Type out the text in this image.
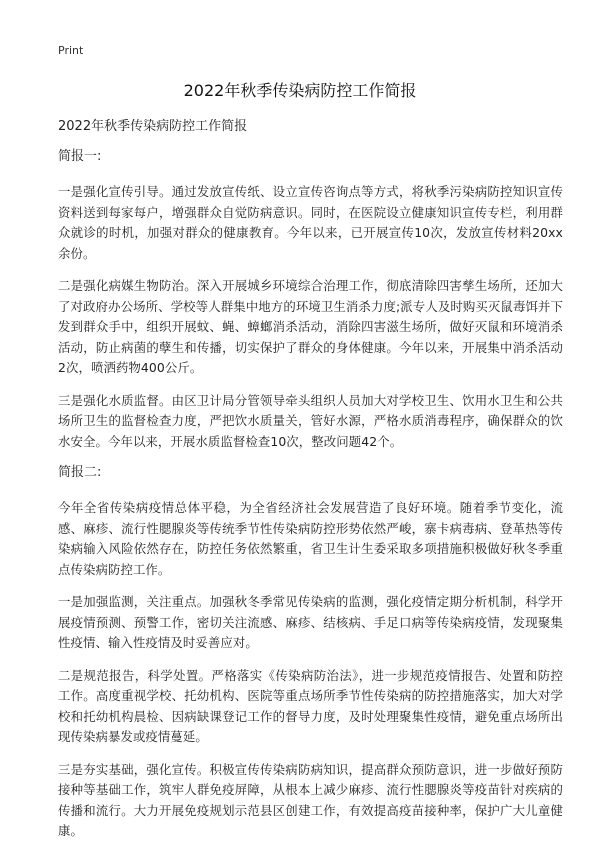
Print
2022年秋季传染病防控工作简报

2022年秋季传染病防控工作简报

简报一:

一是强化宣传引导。通过发放宣传纸、设立宣传咨询点等方式，将秋季污染病防控知识宣传资料送到每家每户，增强群众自觉防病意识。同时，在医院设立健康知识宣传专栏，利用群众就诊的时机，加强对群众的健康教育。今年以来，已开展宣传10次，发放宣传材料20xx余份。

二是强化病媒生物防治。深入开展城乡环境综合治理工作，彻底清除四害孳生场所，还加大了对政府办公场所、学校等人群集中地方的环境卫生消杀力度;派专人及时购买灭鼠毒饵并下发到群众手中，组织开展蚊、蝇、蟑螂消杀活动，消除四害滋生场所，做好灭鼠和环境消杀活动，防止病菌的孽生和传播，切实保护了群众的身体健康。今年以来，开展集中消杀活动2次，喷洒药物400公斤。

三是强化水质监督。由区卫计局分管领导牵头组织人员加大对学校卫生、饮用水卫生和公共场所卫生的监督检查力度，严把饮水质量关，管好水源，严格水质消毒程序，确保群众的饮水安全。今年以来，开展水质监督检查10次，整改问题42个。

简报二:

今年全省传染病疫情总体平稳，为全省经济社会发展营造了良好环境。随着季节变化，流感、麻疹、流行性腮腺炎等传统季节性传染病防控形势依然严峻，寨卡病毒病、登革热等传染病输入风险依然存在，防控任务依然繁重，省卫生计生委采取多项措施积极做好秋冬季重点传染病防控工作。

一是加强监测，关注重点。加强秋冬季常见传染病的监测，强化疫情定期分析机制，科学开展疫情预测、预警工作，密切关注流感、麻疹、结核病、手足口病等传染病疫情，发现聚集性疫情、输入性疫情及时妥善应对。

二是规范报告，科学处置。严格落实《传染病防治法》，进一步规范疫情报告、处置和防控工作。高度重视学校、托幼机构、医院等重点场所季节性传染病的防控措施落实，加大对学校和托幼机构晨检、因病缺课登记工作的督导力度，及时处理聚集性疫情，避免重点场所出现传染病暴发或疫情蔓延。

三是夯实基础，强化宣传。积极宣传传染病防病知识，提高群众预防意识，进一步做好预防接种等基础工作，筑牢人群免疫屏障，从根本上减少麻疹、流行性腮腺炎等疫苗针对疾病的传播和流行。大力开展免疫规划示范县区创建工作，有效提高疫苗接种率，保护广大儿童健康。
